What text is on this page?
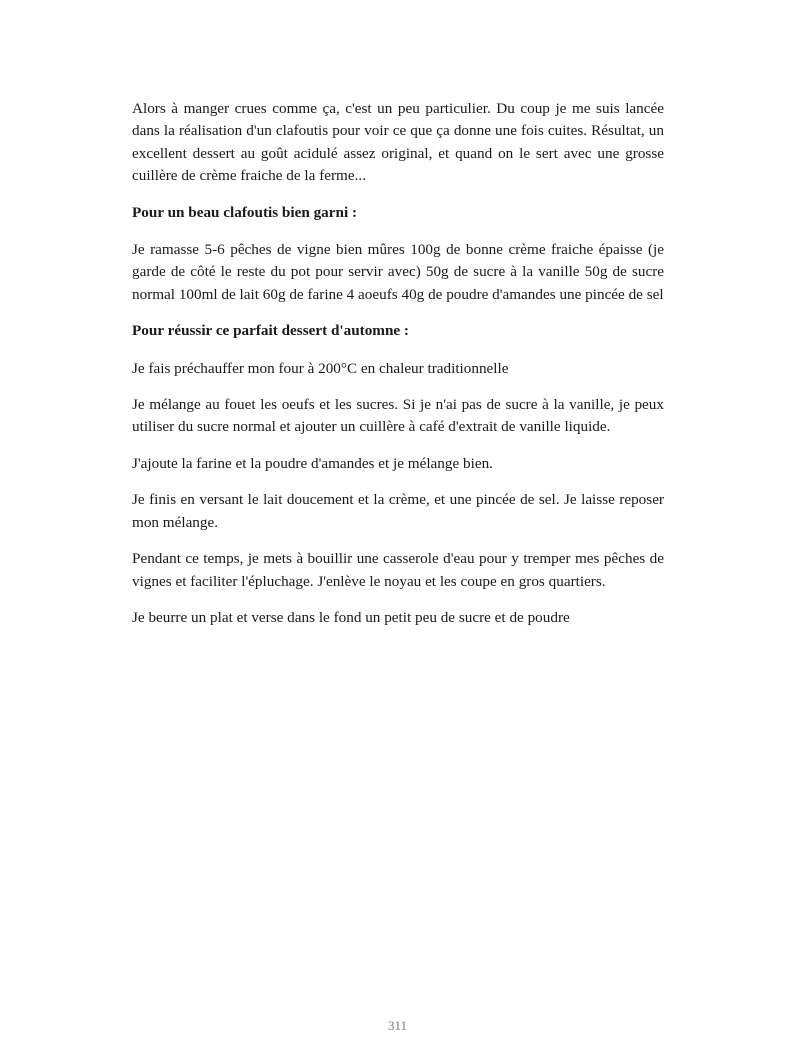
Alors à manger crues comme ça, c'est un peu particulier. Du coup je me suis lancée dans la réalisation d'un clafoutis pour voir ce que ça donne une fois cuites. Résultat, un excellent dessert au goût acidulé assez original, et quand on le sert avec une grosse cuillère de crème fraiche de la ferme...

Pour un beau clafoutis bien garni :

Je ramasse 5-6 pêches de vigne bien mûres 100g de bonne crème fraiche épaisse (je garde de côté le reste du pot pour servir avec) 50g de sucre à la vanille 50g de sucre normal 100ml de lait 60g de farine 4 aoeufs 40g de poudre d'amandes une pincée de sel

Pour réussir ce parfait dessert d'automne :

Je fais préchauffer mon four à 200°C en chaleur traditionnelle

Je mélange au fouet les oeufs et les sucres. Si je n'ai pas de sucre à la vanille, je peux utiliser du sucre normal et ajouter un cuillère à café d'extrait de vanille liquide.

J'ajoute la farine et la poudre d'amandes et je mélange bien.

Je finis en versant le lait doucement et la crème, et une pincée de sel. Je laisse reposer mon mélange.

Pendant ce temps, je mets à bouillir une casserole d'eau pour y tremper mes pêches de vignes et faciliter l'épluchage. J'enlève le noyau et les coupe en gros quartiers.

Je beurre un plat et verse dans le fond un petit peu de sucre et de poudre

311
